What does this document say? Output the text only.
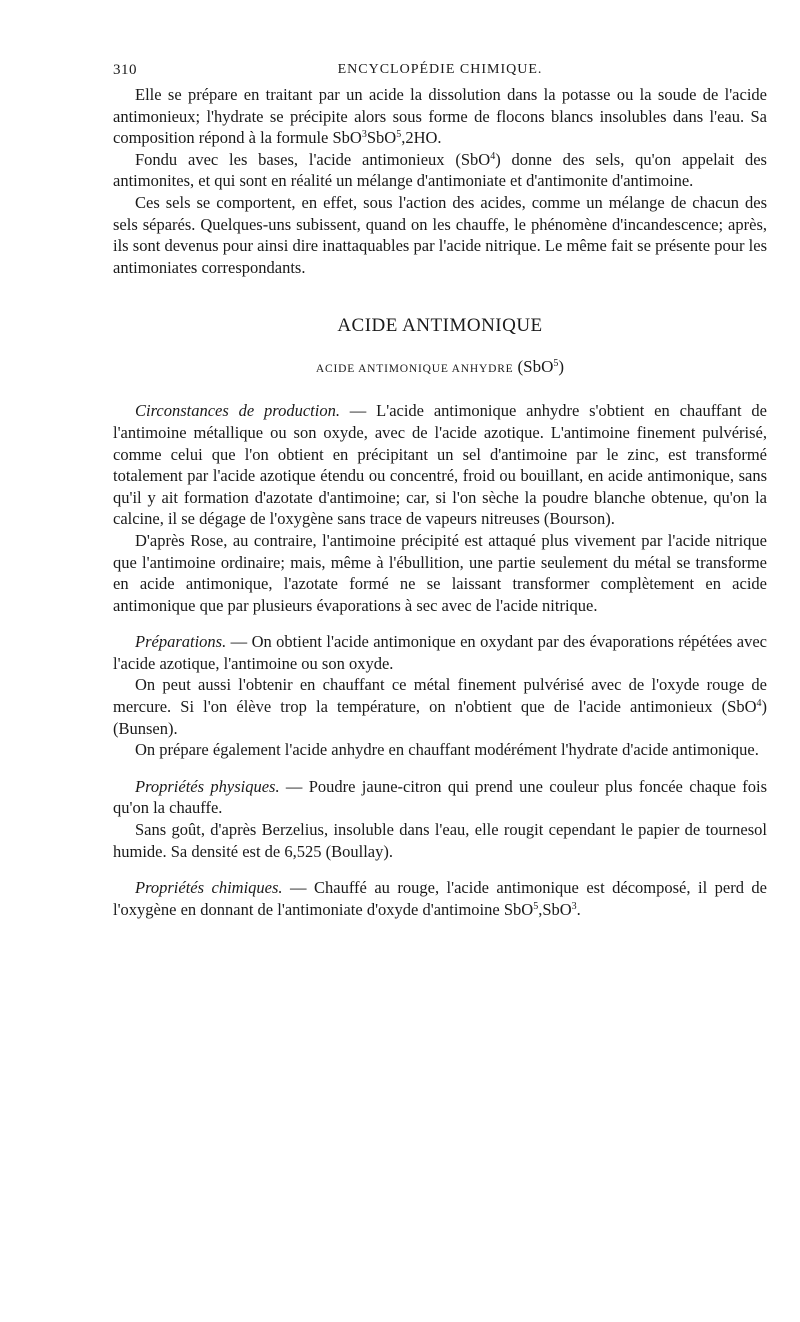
310	ENCYCLOPÉDIE CHIMIQUE.

Elle se prépare en traitant par un acide la dissolution dans la potasse ou la soude de l'acide antimonieux; l'hydrate se précipite alors sous forme de flocons blancs insolubles dans l'eau. Sa composition répond à la formule SbO$^3$SbO$^5$,2HO.

Fondu avec les bases, l'acide antimonieux (SbO$^4$) donne des sels, qu'on appelait des antimonites, et qui sont en réalité un mélange d'antimoniate et d'antimonite d'antimoine.

Ces sels se comportent, en effet, sous l'action des acides, comme un mélange de chacun des sels séparés. Quelques-uns subissent, quand on les chauffe, le phénomène d'incandescence; après, ils sont devenus pour ainsi dire inattaquables par l'acide nitrique. Le même fait se présente pour les antimoniates correspondants.

ACIDE ANTIMONIQUE
ACIDE ANTIMONIQUE ANHYDRE (SbO$^5$)

Circonstances de production. — L'acide antimonique anhydre s'obtient en chauffant de l'antimoine métallique ou son oxyde, avec de l'acide azotique. L'antimoine finement pulvérisé, comme celui que l'on obtient en précipitant un sel d'antimoine par le zinc, est transformé totalement par l'acide azotique étendu ou concentré, froid ou bouillant, en acide antimonique, sans qu'il y ait formation d'azotate d'antimoine; car, si l'on sèche la poudre blanche obtenue, qu'on la calcine, il se dégage de l'oxygène sans trace de vapeurs nitreuses (Bourson).

D'après Rose, au contraire, l'antimoine précipité est attaqué plus vivement par l'acide nitrique que l'antimoine ordinaire; mais, même à l'ébullition, une partie seulement du métal se transforme en acide antimonique, l'azotate formé ne se laissant transformer complètement en acide antimonique que par plusieurs évaporations à sec avec de l'acide nitrique.

Préparations. — On obtient l'acide antimonique en oxydant par des évaporations répétées avec l'acide azotique, l'antimoine ou son oxyde.

On peut aussi l'obtenir en chauffant ce métal finement pulvérisé avec de l'oxyde rouge de mercure. Si l'on élève trop la température, on n'obtient que de l'acide antimonieux (SbO$^4$) (Bunsen).

On prépare également l'acide anhydre en chauffant modérément l'hydrate d'acide antimonique.

Propriétés physiques. — Poudre jaune-citron qui prend une couleur plus foncée chaque fois qu'on la chauffe.

Sans goût, d'après Berzelius, insoluble dans l'eau, elle rougit cependant le papier de tournesol humide. Sa densité est de 6,525 (Boullay).

Propriétés chimiques. — Chauffé au rouge, l'acide antimonique est décomposé, il perd de l'oxygène en donnant de l'antimoniate d'oxyde d'antimoine SbO$^5$,SbO$^3$.
